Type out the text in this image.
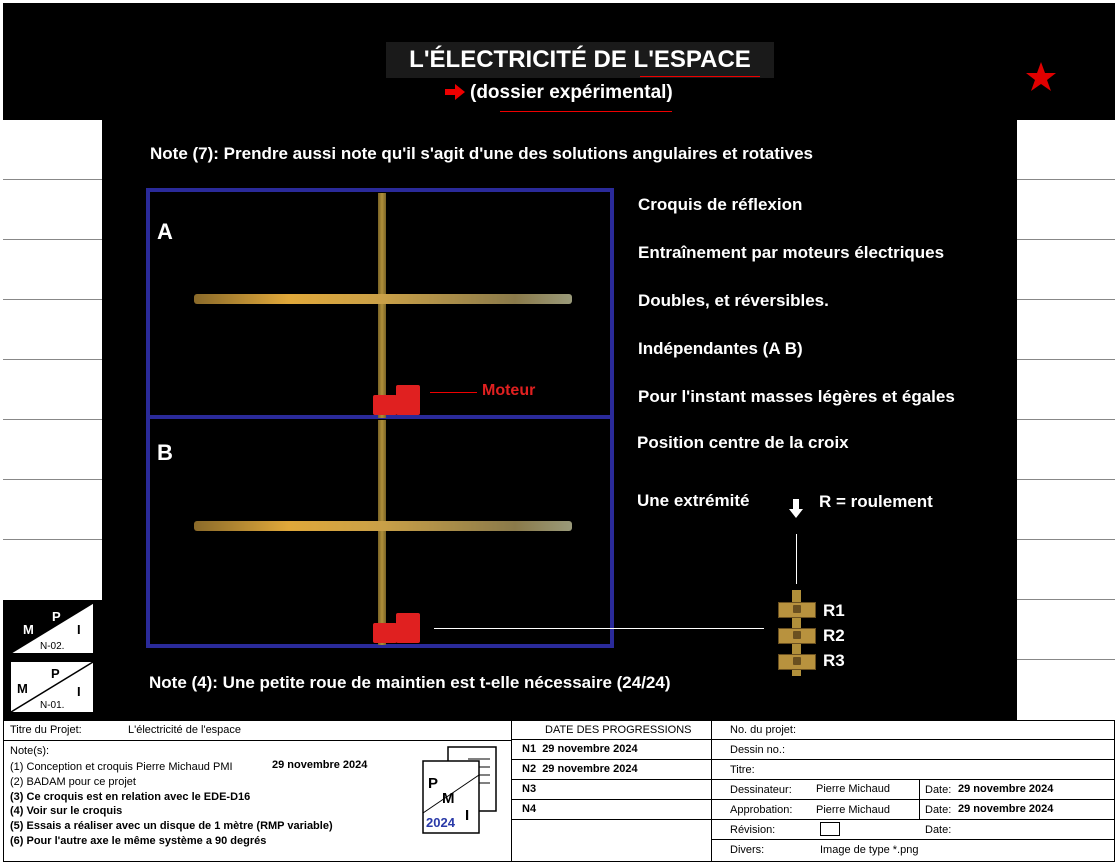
L'ÉLECTRICITÉ DE L'ESPACE
(dossier expérimental)
Note (7): Prendre aussi note qu'il s'agit d'une des solutions angulaires et rotatives
A
B
Moteur
Croquis de réflexion
Entraînement par moteurs électriques
Doubles, et réversibles.
Indépendantes (A B)
Pour l'instant masses légères et égales
Position centre de la croix
Une extrémité	R = roulement
R1
R2
R3
Note (4): Une petite roue de maintien est t-elle nécessaire (24/24)
M
P
I
N-02.
M
P
I
N-01.
Titre du Projet:	L'électricité de l'espace
Note(s):
(1) Conception et croquis Pierre Michaud PMI	29 novembre 2024
(2) BADAM pour ce projet
(3) Ce croquis est en relation avec le EDE-D16
(4) Voir sur le croquis
(5) Essais a réaliser avec un disque de 1 mètre (RMP variable)
(6) Pour l'autre axe le même système a 90 degrés
P
M
I
2024
DATE DES PROGRESSIONS
N1 29 novembre 2024
N2 29 novembre 2024
N3
N4
No. du projet:
Dessin no.:
Titre:
Dessinateur: Pierre Michaud	Date: 29 novembre 2024
Approbation: Pierre Michaud	Date: 29 novembre 2024
Révision:	Date:
Divers:	Image de type *.png
